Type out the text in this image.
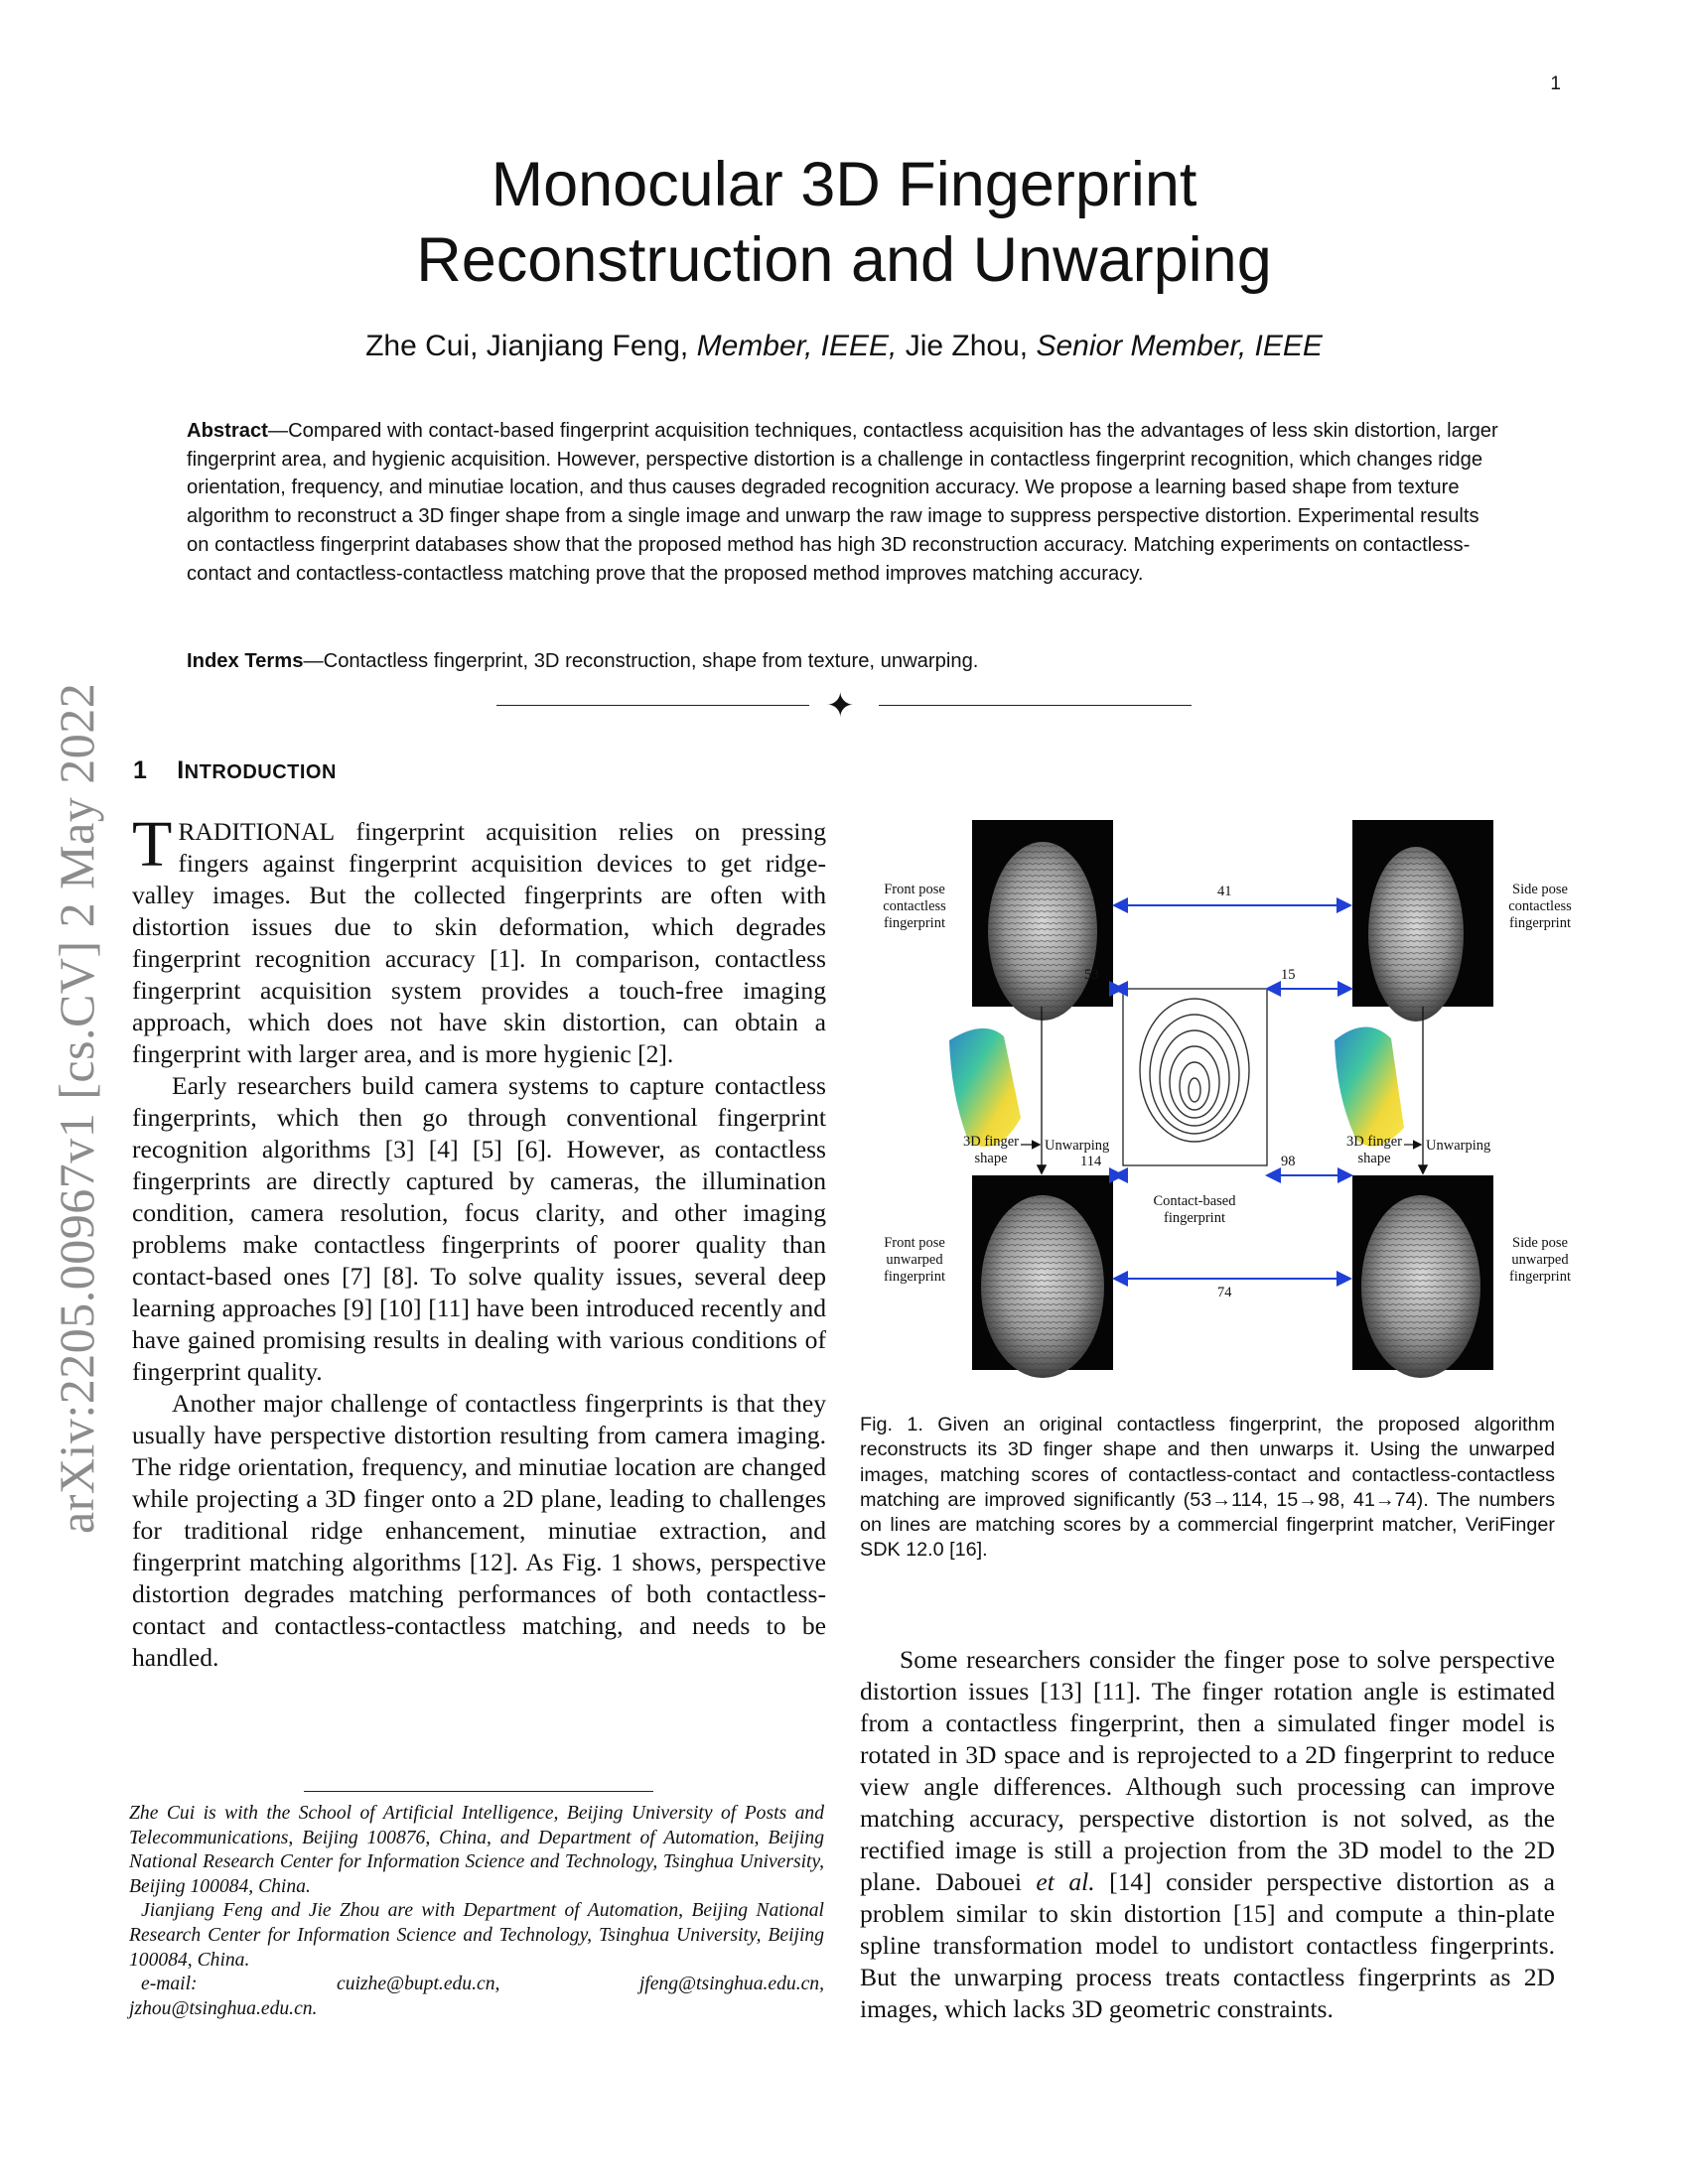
1
arXiv:2205.00967v1 [cs.CV] 2 May 2022
Monocular 3D Fingerprint
Reconstruction and Unwarping
Zhe Cui, Jianjiang Feng, Member, IEEE, Jie Zhou, Senior Member, IEEE
Abstract—Compared with contact-based fingerprint acquisition techniques, contactless acquisition has the advantages of less skin distortion, larger fingerprint area, and hygienic acquisition. However, perspective distortion is a challenge in contactless fingerprint recognition, which changes ridge orientation, frequency, and minutiae location, and thus causes degraded recognition accuracy. We propose a learning based shape from texture algorithm to reconstruct a 3D finger shape from a single image and unwarp the raw image to suppress perspective distortion. Experimental results on contactless fingerprint databases show that the proposed method has high 3D reconstruction accuracy. Matching experiments on contactless-contact and contactless-contactless matching prove that the proposed method improves matching accuracy.
Index Terms—Contactless fingerprint, 3D reconstruction, shape from texture, unwarping.
✦
1 INTRODUCTION

TRADITIONAL fingerprint acquisition relies on pressing fingers against fingerprint acquisition devices to get ridge-valley images. But the collected fingerprints are often with distortion issues due to skin deformation, which degrades fingerprint recognition accuracy [1]. In comparison, contactless fingerprint acquisition system provides a touch-free imaging approach, which does not have skin distortion, can obtain a fingerprint with larger area, and is more hygienic [2].

Early researchers build camera systems to capture contactless fingerprints, which then go through conventional fingerprint recognition algorithms [3] [4] [5] [6]. However, as contactless fingerprints are directly captured by cameras, the illumination condition, camera resolution, focus clarity, and other imaging problems make contactless fingerprints of poorer quality than contact-based ones [7] [8]. To solve quality issues, several deep learning approaches [9] [10] [11] have been introduced recently and have gained promising results in dealing with various conditions of fingerprint quality.

Another major challenge of contactless fingerprints is that they usually have perspective distortion resulting from camera imaging. The ridge orientation, frequency, and minutiae location are changed while projecting a 3D finger onto a 2D plane, leading to challenges for traditional ridge enhancement, minutiae extraction, and fingerprint matching algorithms [12]. As Fig. 1 shows, perspective distortion degrades matching performances of both contactless-contact and contactless-contactless matching, and needs to be handled.

Zhe Cui is with the School of Artificial Intelligence, Beijing University of Posts and Telecommunications, Beijing 100876, China, and Department of Automation, Beijing National Research Center for Information Science and Technology, Tsinghua University, Beijing 100084, China.

Jianjiang Feng and Jie Zhou are with Department of Automation, Beijing National Research Center for Information Science and Technology, Tsinghua University, Beijing 100084, China.

e-mail:	cuizhe@bupt.edu.cn,	jfeng@tsinghua.edu.cn,
jzhou@tsinghua.edu.cn.
41
53	15
114	98
74
Front pose
contactless
fingerprint
Side pose
contactless
fingerprint
Front pose
unwarped
fingerprint
Side pose
unwarped
fingerprint
3D finger
shape
3D finger
shape
Unwarping	Unwarping
Contact-based
fingerprint
Fig. 1. Given an original contactless fingerprint, the proposed algorithm reconstructs its 3D finger shape and then unwarps it. Using the unwarped images, matching scores of contactless-contact and contactless-contactless matching are improved significantly (53→114, 15→98, 41→74). The numbers on lines are matching scores by a commercial fingerprint matcher, VeriFinger SDK 12.0 [16].

Some researchers consider the finger pose to solve perspective distortion issues [13] [11]. The finger rotation angle is estimated from a contactless fingerprint, then a simulated finger model is rotated in 3D space and is reprojected to a 2D fingerprint to reduce view angle differences. Although such processing can improve matching accuracy, perspective distortion is not solved, as the rectified image is still a projection from the 3D model to the 2D plane. Dabouei et al. [14] consider perspective distortion as a problem similar to skin distortion [15] and compute a thin-plate spline transformation model to undistort contactless fingerprints. But the unwarping process treats contactless fingerprints as 2D images, which lacks 3D geometric constraints.
